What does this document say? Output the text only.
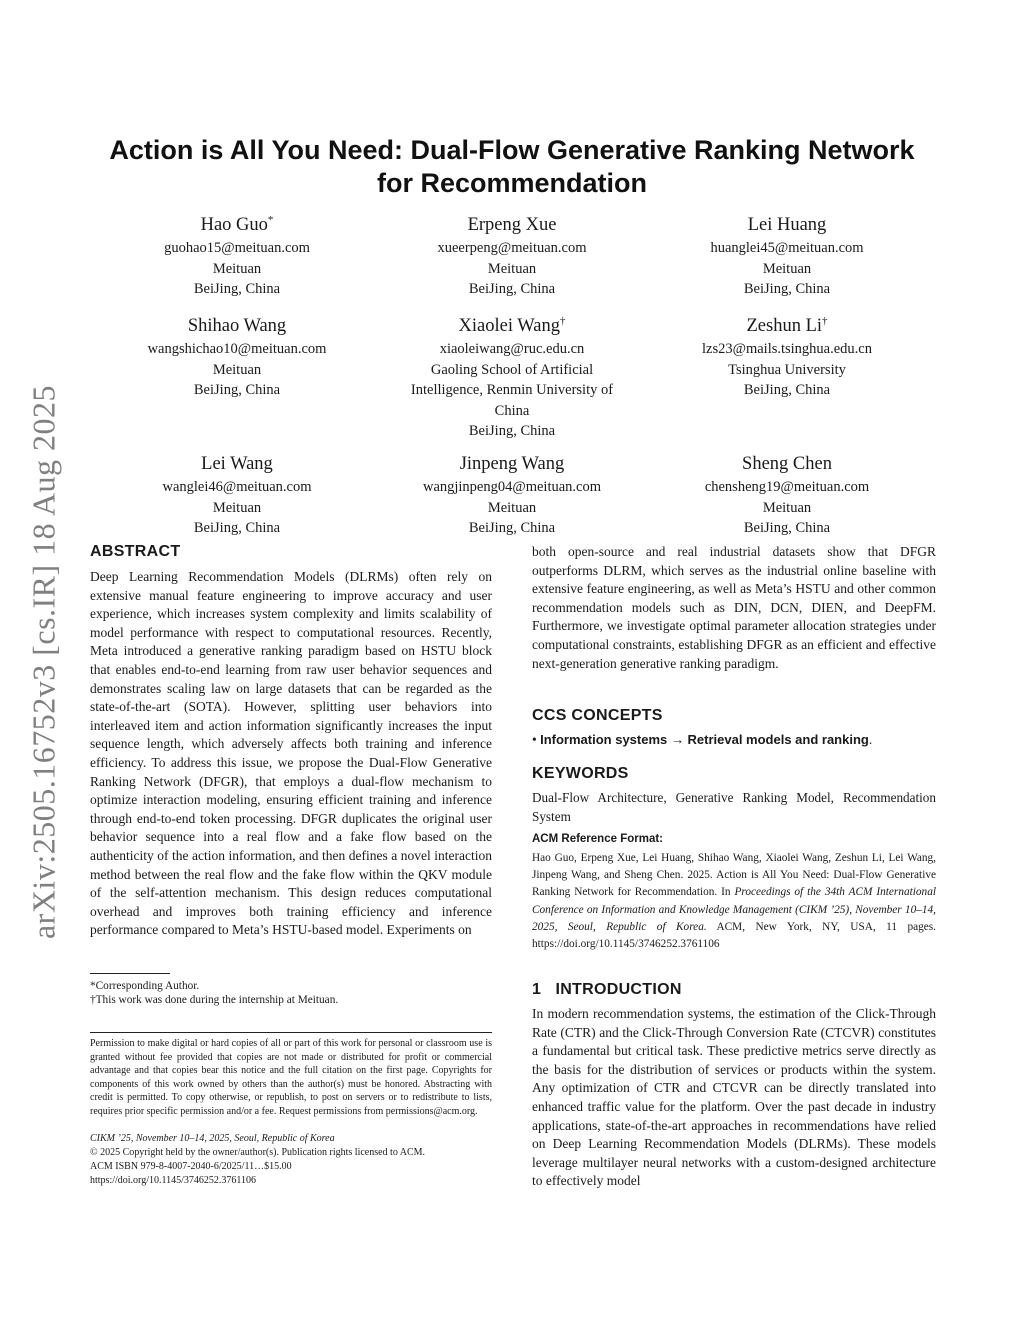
arXiv:2505.16752v3 [cs.IR] 18 Aug 2025
Action is All You Need: Dual-Flow Generative Ranking Network
for Recommendation
Hao Guo*
guohao15@meituan.com
Meituan
BeiJing, China
Erpeng Xue
xueerpeng@meituan.com
Meituan
BeiJing, China
Lei Huang
huanglei45@meituan.com
Meituan
BeiJing, China
Shihao Wang
wangshichao10@meituan.com
Meituan
BeiJing, China
Xiaolei Wang†
xiaoleiwang@ruc.edu.cn
Gaoling School of Artificial
Intelligence, Renmin University of
China
BeiJing, China
Zeshun Li†
lzs23@mails.tsinghua.edu.cn
Tsinghua University
BeiJing, China
Lei Wang
wanglei46@meituan.com
Meituan
BeiJing, China
Jinpeng Wang
wangjinpeng04@meituan.com
Meituan
BeiJing, China
Sheng Chen
chensheng19@meituan.com
Meituan
BeiJing, China
ABSTRACT
Deep Learning Recommendation Models (DLRMs) often rely on extensive manual feature engineering to improve accuracy and user experience, which increases system complexity and limits scalability of model performance with respect to computational resources. Recently, Meta introduced a generative ranking paradigm based on HSTU block that enables end-to-end learning from raw user behavior sequences and demonstrates scaling law on large datasets that can be regarded as the state-of-the-art (SOTA). However, splitting user behaviors into interleaved item and action information significantly increases the input sequence length, which adversely affects both training and inference efficiency. To address this issue, we propose the Dual-Flow Generative Ranking Network (DFGR), that employs a dual-flow mechanism to optimize interaction modeling, ensuring efficient training and inference through end-to-end token processing. DFGR duplicates the original user behavior sequence into a real flow and a fake flow based on the authenticity of the action information, and then defines a novel interaction method between the real flow and the fake flow within the QKV module of the self-attention mechanism. This design reduces computational overhead and improves both training efficiency and inference performance compared to Meta’s HSTU-based model. Experiments on
*Corresponding Author.
†This work was done during the internship at Meituan.
Permission to make digital or hard copies of all or part of this work for personal or classroom use is granted without fee provided that copies are not made or distributed for profit or commercial advantage and that copies bear this notice and the full citation on the first page. Copyrights for components of this work owned by others than the author(s) must be honored. Abstracting with credit is permitted. To copy otherwise, or republish, to post on servers or to redistribute to lists, requires prior specific permission and/or a fee. Request permissions from permissions@acm.org.
CIKM ’25, November 10–14, 2025, Seoul, Republic of Korea
© 2025 Copyright held by the owner/author(s). Publication rights licensed to ACM.
ACM ISBN 979-8-4007-2040-6/2025/11…$15.00
https://doi.org/10.1145/3746252.3761106
both open-source and real industrial datasets show that DFGR outperforms DLRM, which serves as the industrial online baseline with extensive feature engineering, as well as Meta’s HSTU and other common recommendation models such as DIN, DCN, DIEN, and DeepFM. Furthermore, we investigate optimal parameter allocation strategies under computational constraints, establishing DFGR as an efficient and effective next-generation generative ranking paradigm.
CCS CONCEPTS
• Information systems → Retrieval models and ranking.
KEYWORDS
Dual-Flow Architecture, Generative Ranking Model, Recommendation System
ACM Reference Format:
Hao Guo, Erpeng Xue, Lei Huang, Shihao Wang, Xiaolei Wang, Zeshun Li, Lei Wang, Jinpeng Wang, and Sheng Chen. 2025. Action is All You Need: Dual-Flow Generative Ranking Network for Recommendation. In Proceedings of the 34th ACM International Conference on Information and Knowledge Management (CIKM ’25), November 10–14, 2025, Seoul, Republic of Korea. ACM, New York, NY, USA, 11 pages. https://doi.org/10.1145/3746252.3761106
1 INTRODUCTION
In modern recommendation systems, the estimation of the Click-Through Rate (CTR) and the Click-Through Conversion Rate (CTCVR) constitutes a fundamental but critical task. These predictive metrics serve directly as the basis for the distribution of services or products within the system. Any optimization of CTR and CTCVR can be directly translated into enhanced traffic value for the platform. Over the past decade in industry applications, state-of-the-art approaches in recommendations have relied on Deep Learning Recommendation Models (DLRMs). These models leverage multilayer neural networks with a custom-designed architecture to effectively model
